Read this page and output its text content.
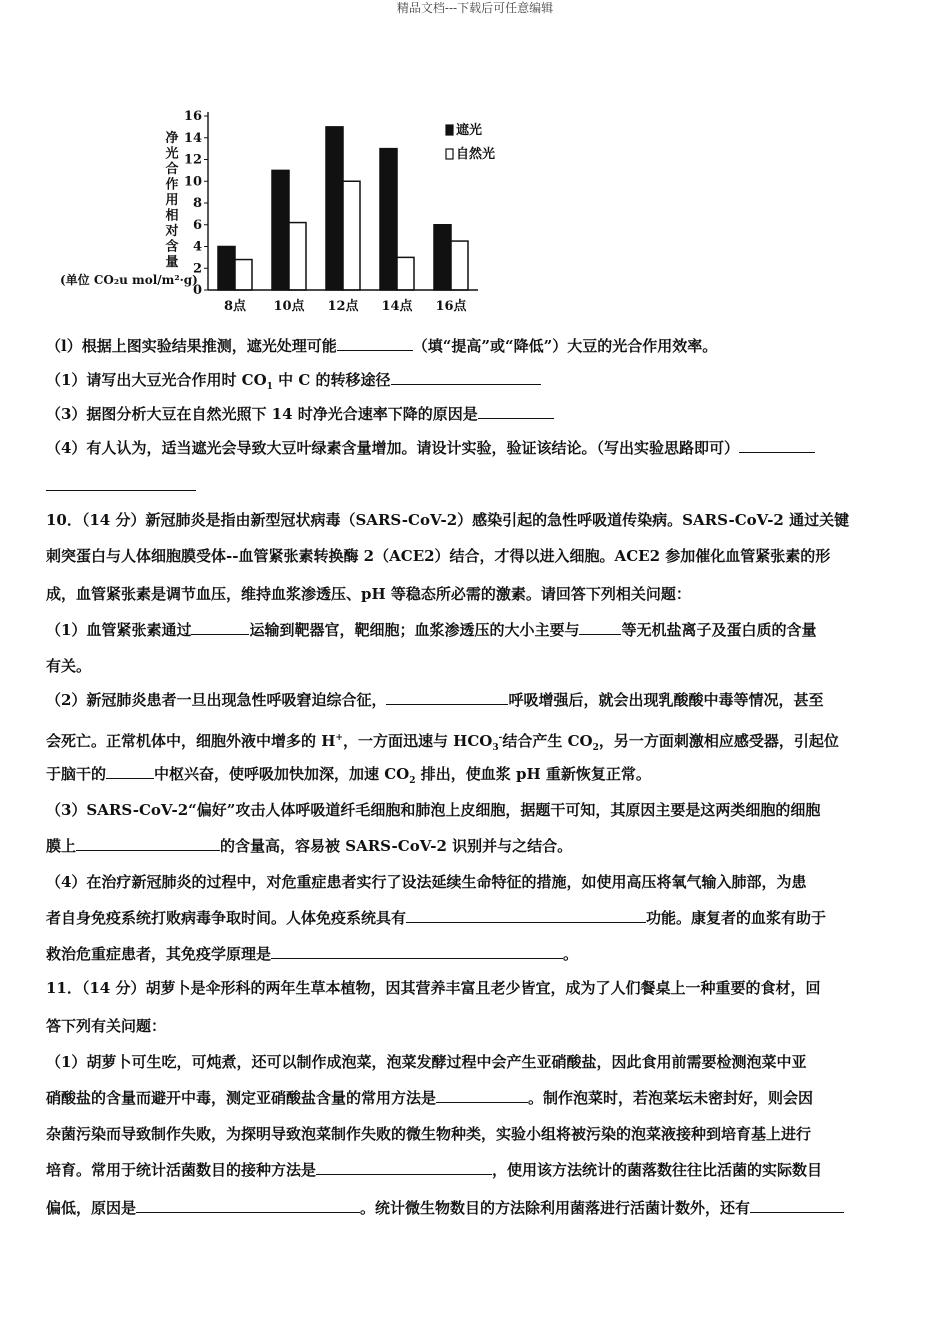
精品文档---下载后可任意编辑
净
光
合
作
用
相
对
含
量
(单位 CO₂u mol/m²·g)
0
2
4
6
8
10
12
14
16
8点 10点 12点 14点 16点
遮光
自然光
（l）根据上图实验结果推测，遮光处理可能	（填“提高”或“降低”）大豆的光合作用效率。
（1）请写出大豆光合作用时 $CO_1$ 中 C 的转移途径
（3）据图分析大豆在自然光照下 14 时净光合速率下降的原因是
（4）有人认为，适当遮光会导致大豆叶绿素含量增加。请设计实验，验证该结论。（写出实验思路即可）
10．（14 分）新冠肺炎是指由新型冠状病毒（SARS-CoV-2）感染引起的急性呼吸道传染病。SARS-CoV-2 通过关键
刺突蛋白与人体细胞膜受体--血管紧张素转换酶 2（ACE2）结合，才得以进入细胞。ACE2 参加催化血管紧张素的形
成，血管紧张素是调节血压，维持血浆渗透压、pH 等稳态所必需的激素。请回答下列相关问题：
（1）血管紧张素通过	运输到靶器官，靶细胞；血浆渗透压的大小主要与	等无机盐离子及蛋白质的含量
有关。
（2）新冠肺炎患者一旦出现急性呼吸窘迫综合征，	呼吸增强后，就会出现乳酸酸中毒等情况，甚至
会死亡。正常机体中，细胞外液中增多的 H+，一方面迅速与 $HCO_3^-$结合产生 $CO_2$，另一方面刺激相应感受器，引起位
于脑干的	中枢兴奋，使呼吸加快加深，加速 $CO_2$ 排出，使血浆 pH 重新恢复正常。
（3）SARS-CoV-2“偏好”攻击人体呼吸道纤毛细胞和肺泡上皮细胞，据题干可知，其原因主要是这两类细胞的细胞
膜上	的含量高，容易被 SARS-CoV-2 识别并与之结合。
（4）在治疗新冠肺炎的过程中，对危重症患者实行了设法延续生命特征的措施，如使用高压将氧气输入肺部，为患
者自身免疫系统打败病毒争取时间。人体免疫系统具有	功能。康复者的血浆有助于
救治危重症患者，其免疫学原理是	。
11．（14 分）胡萝卜是伞形科的两年生草本植物，因其营养丰富且老少皆宜，成为了人们餐桌上一种重要的食材，回
答下列有关问题：
（1）胡萝卜可生吃，可炖煮，还可以制作成泡菜，泡菜发酵过程中会产生亚硝酸盐，因此食用前需要检测泡菜中亚
硝酸盐的含量而避开中毒，测定亚硝酸盐含量的常用方法是	。制作泡菜时，若泡菜坛未密封好，则会因
杂菌污染而导致制作失败，为探明导致泡菜制作失败的微生物种类，实验小组将被污染的泡菜液接种到培育基上进行
培育。常用于统计活菌数目的接种方法是	，使用该方法统计的菌落数往往比活菌的实际数目
偏低，原因是	。统计微生物数目的方法除利用菌落进行活菌计数外，还有
